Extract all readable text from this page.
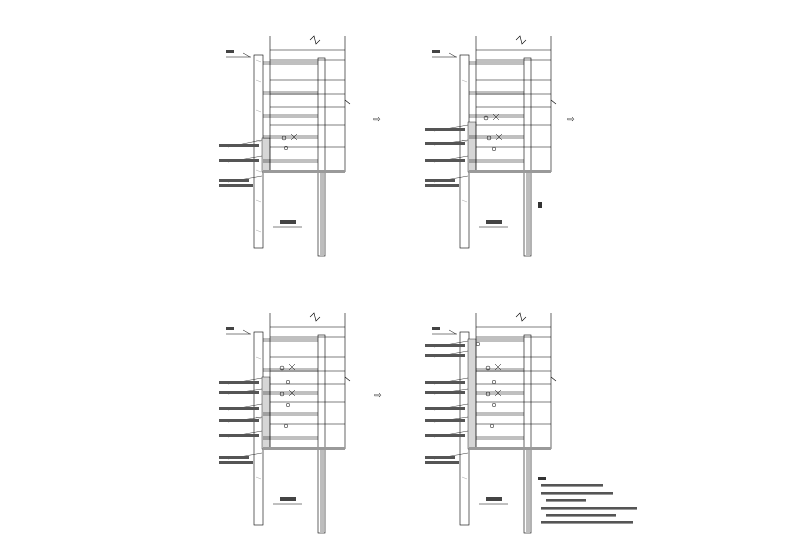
⇨	⇨
⇨
